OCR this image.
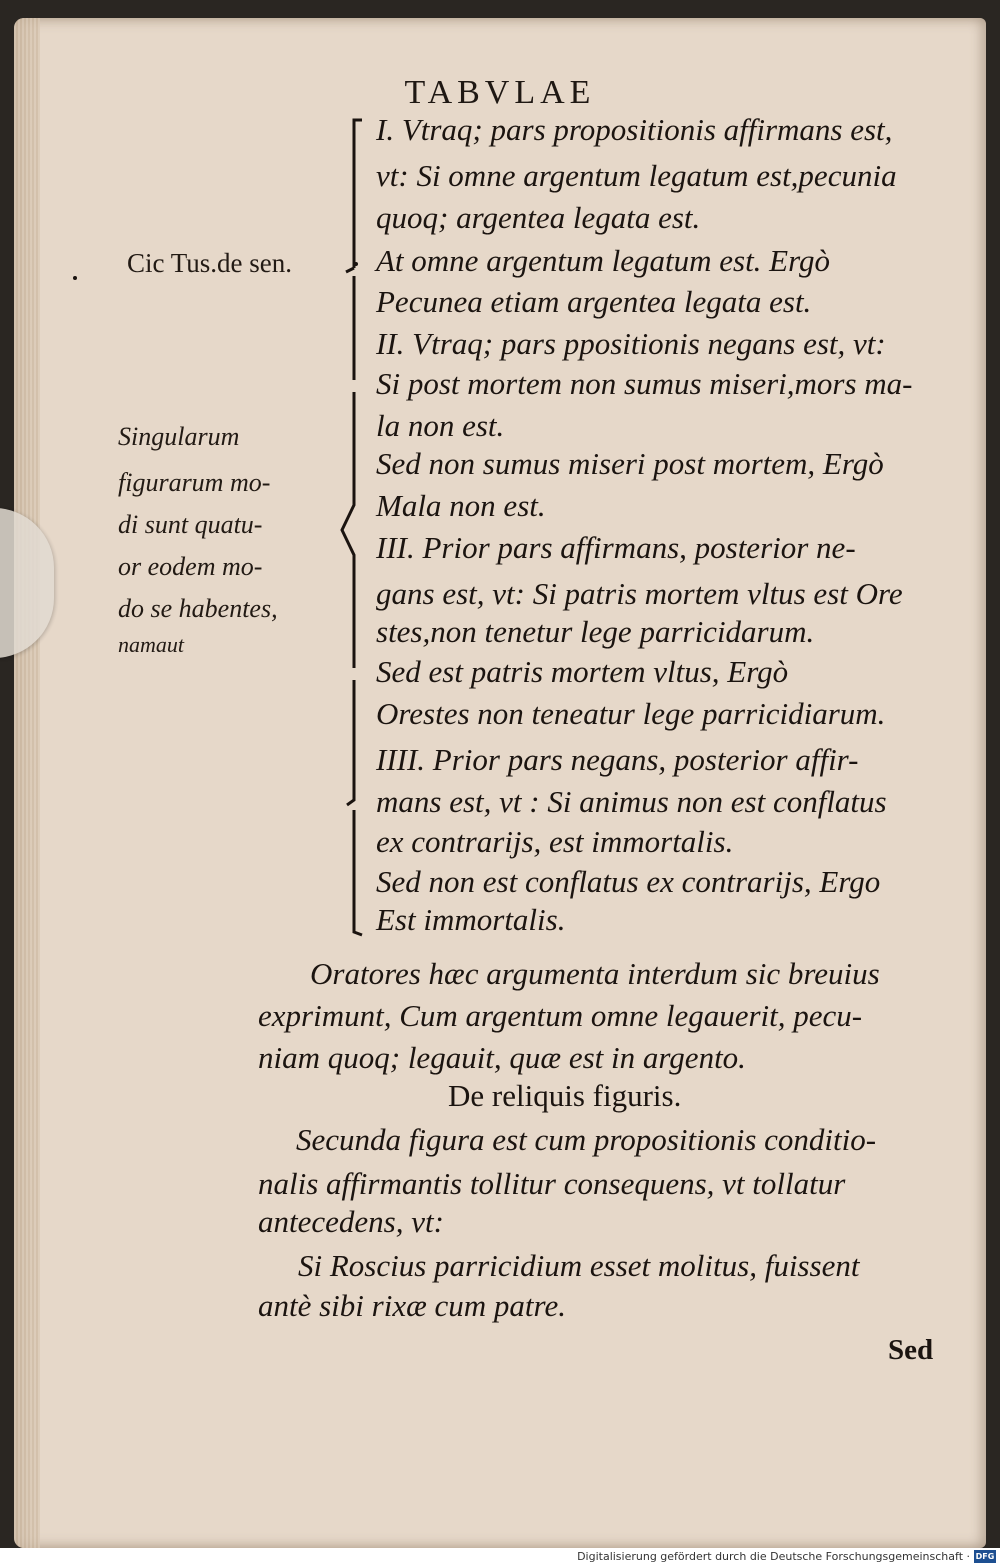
TABVLAE
Cic Tus.de sen.
Singularum
figurarum mo-
di sunt quatu-
or eodem mo-
do se habentes,
namaut
I. Vtraq; pars propositionis affirmans est,
vt: Si omne argentum legatum est,pecunia
quoq; argentea legata est.
At omne argentum legatum est. Ergò
Pecunea etiam argentea legata est.
II. Vtraq; pars ppositionis negans est, vt:
Si post mortem non sumus miseri,mors ma-
la non est.
Sed non sumus miseri post mortem, Ergò
Mala non est.
III. Prior pars affirmans, posterior ne-
gans est, vt: Si patris mortem vltus est Ore
stes,non tenetur lege parricidarum.
Sed est patris mortem vltus, Ergò
Orestes non teneatur lege parricidiarum.
IIII. Prior pars negans, posterior affir-
mans est, vt : Si animus non est conflatus
ex contrarijs, est immortalis.
Sed non est conflatus ex contrarijs, Ergo
Est immortalis.
Oratores hæc argumenta interdum sic breuius
exprimunt, Cum argentum omne legauerit, pecu-
niam quoq; legauit, quæ est in argento.
De reliquis figuris.
Secunda figura est cum propositionis conditio-
nalis affirmantis tollitur consequens, vt tollatur
antecedens, vt:
Si Roscius parricidium esset molitus, fuissent
antè sibi rixæ cum patre.
Sed
Digitalisierung gefördert durch die Deutsche Forschungsgemeinschaft · DFG
